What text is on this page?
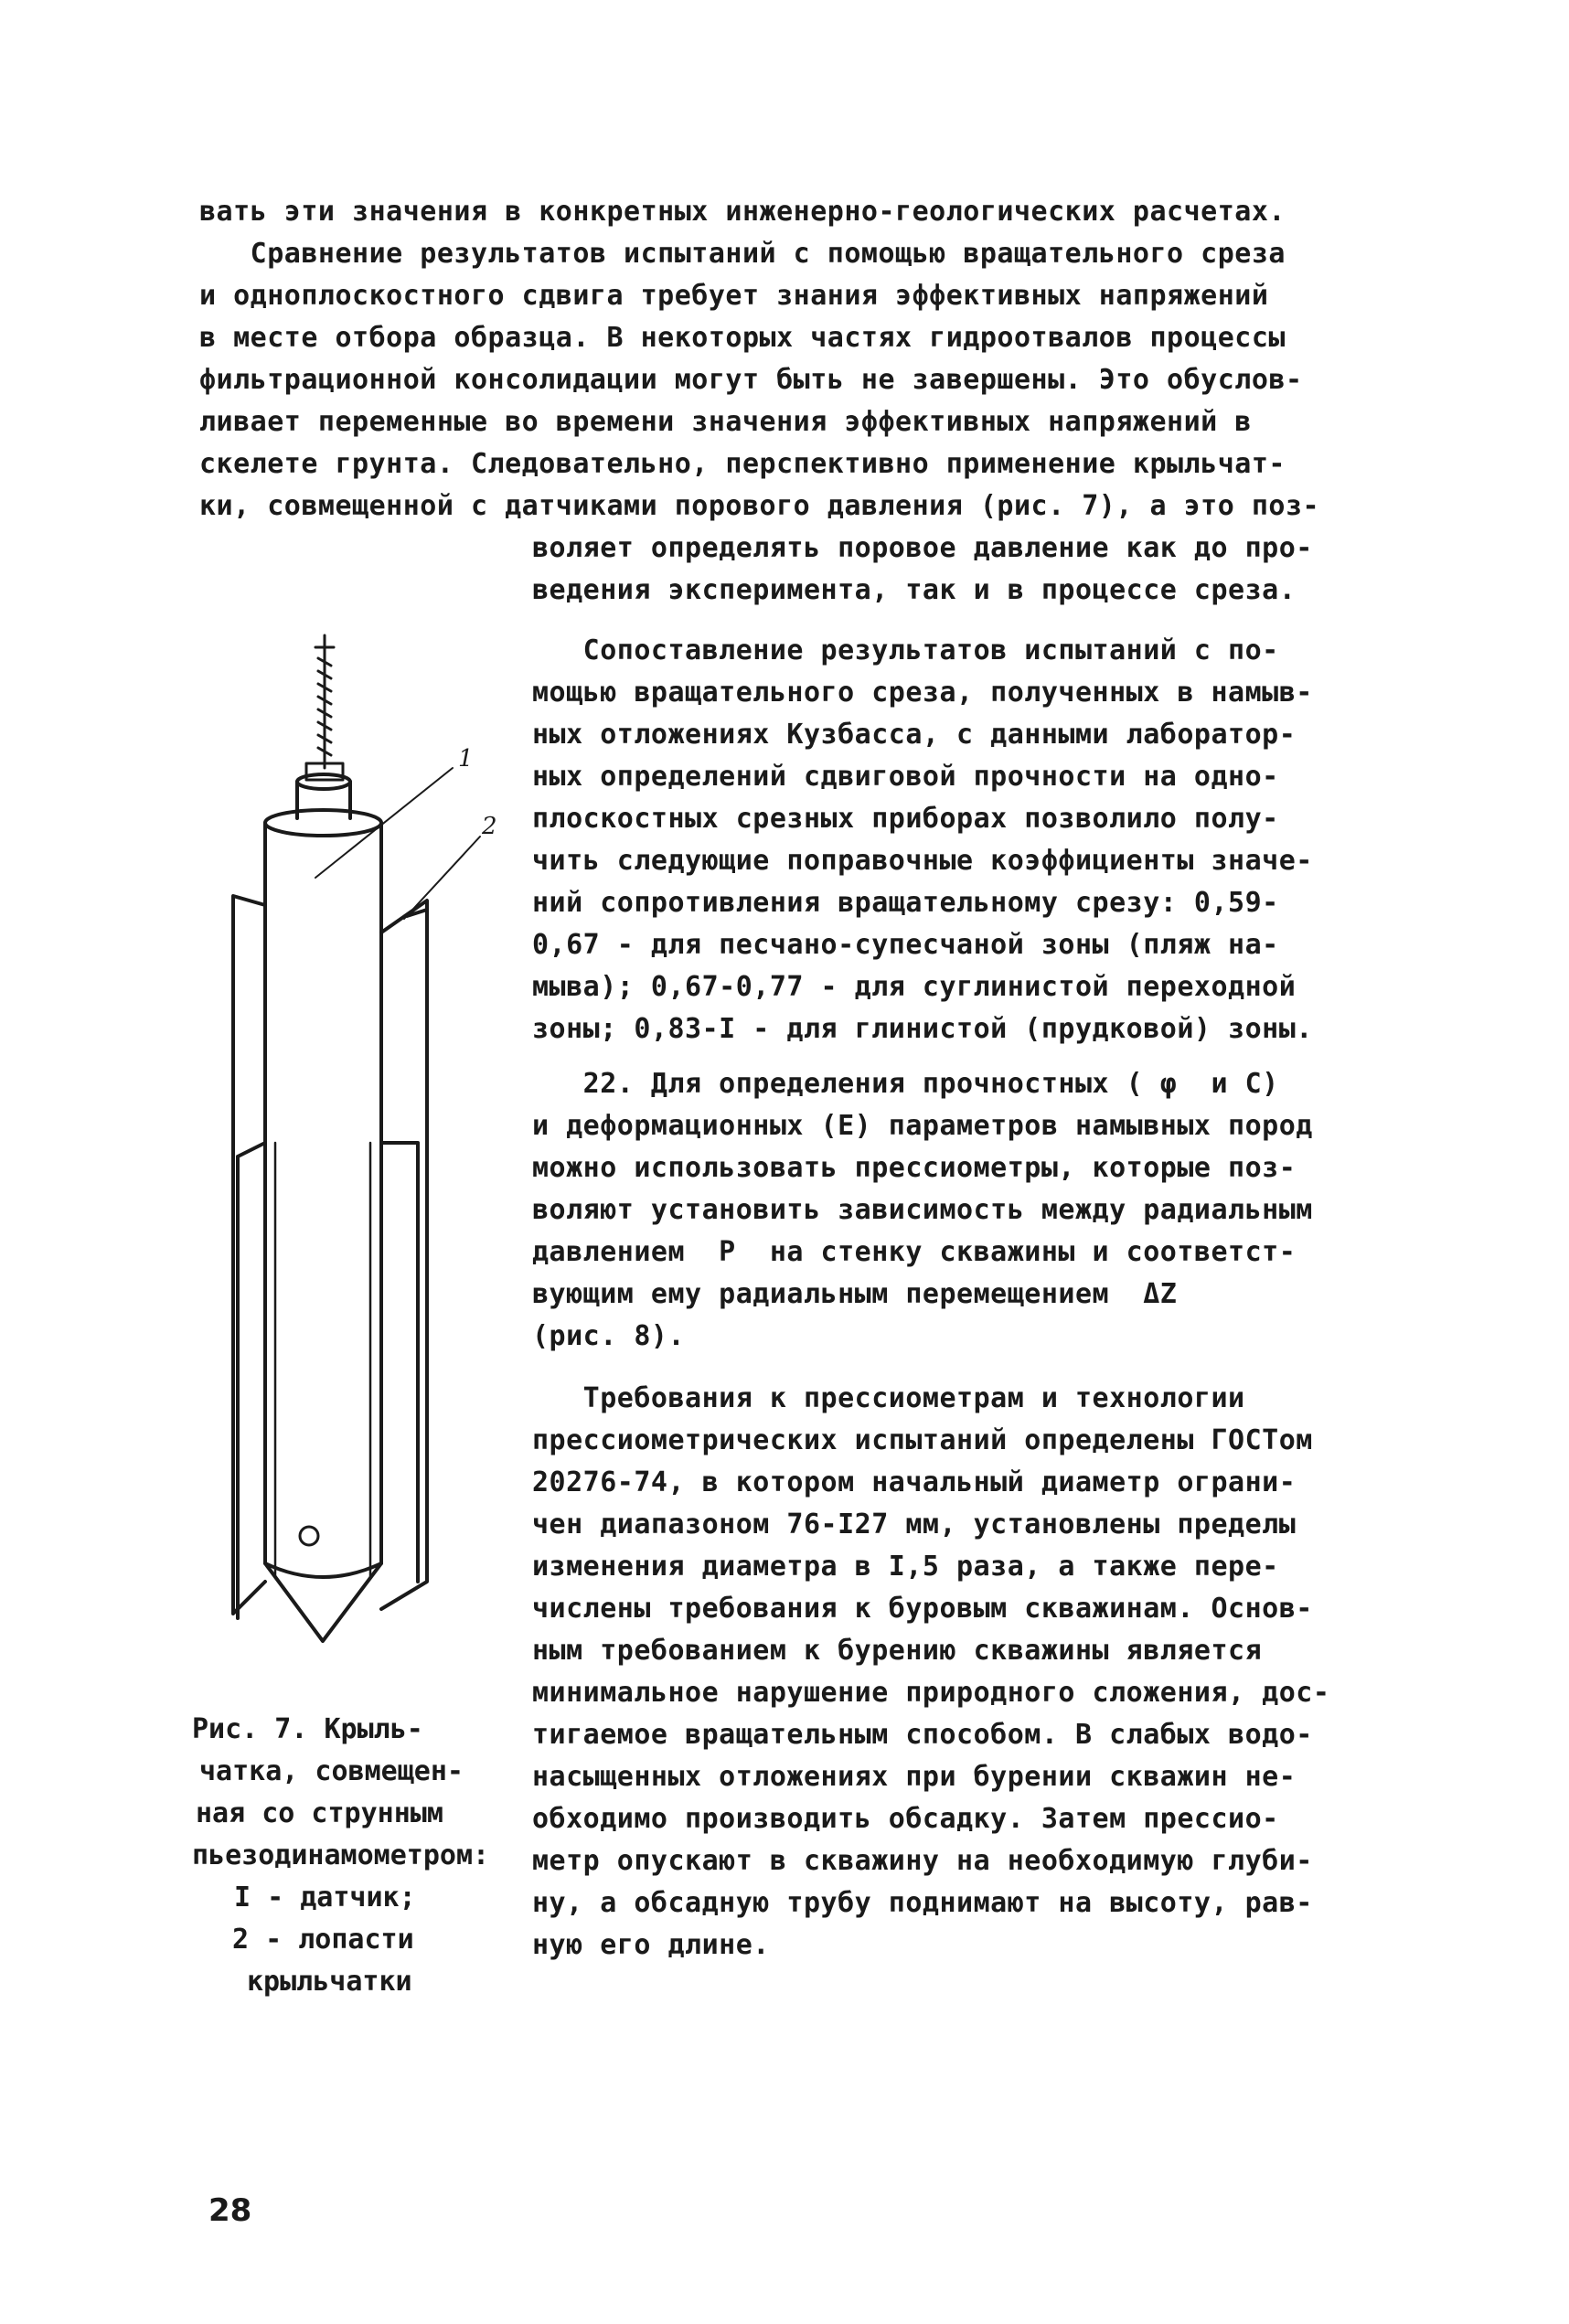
вать эти значения в конкретных инженерно-геологических расчетах.
Сравнение результатов испытаний с помощью вращательного среза
и одноплоскостного сдвига требует знания эффективных напряжений
в месте отбора образца. В некоторых частях гидроотвалов процессы
фильтрационной консолидации могут быть не завершены. Это обуслов-
ливает переменные во времени значения эффективных напряжений в
скелете грунта. Следовательно, перспективно применение крыльчат-
ки, совмещенной с датчиками порового давления (рис. 7), а это поз-
воляет определять поровое давление как до про-
ведения эксперимента, так и в процессе среза.
Сопоставление результатов испытаний с по-
мощью вращательного среза, полученных в намыв-
ных отложениях Кузбасса, с данными лаборатор-
ных определений сдвиговой прочности на одно-
плоскостных срезных приборах позволило полу-
чить следующие поправочные коэффициенты значе-
ний сопротивления вращательному срезу: 0,59-
0,67 - для песчано-супесчаной зоны (пляж на-
мыва); 0,67-0,77 - для суглинистой переходной
зоны; 0,83-I - для глинистой (прудковой) зоны.
22. Для определения прочностных ( φ  и C)
и деформационных (E) параметров намывных пород
можно использовать прессиометры, которые поз-
воляют установить зависимость между радиальным
давлением  P  на стенку скважины и соответст-
вующим ему радиальным перемещением  ΔZ
(рис. 8).
Требования к прессиометрам и технологии
прессиометрических испытаний определены ГОСТом
20276-74, в котором начальный диаметр ограни-
чен диапазоном 76-I27 мм, установлены пределы
изменения диаметра в I,5 раза, а также пере-
числены требования к буровым скважинам. Основ-
ным требованием к бурению скважины является
минимальное нарушение природного сложения, дос-
тигаемое вращательным способом. В слабых водо-
насыщенных отложениях при бурении скважин не-
обходимо производить обсадку. Затем прессио-
метр опускают в скважину на необходимую глуби-
ну, а обсадную трубу поднимают на высоту, рав-
ную его длине.
1
2
Рис. 7. Крыль-
чатка, совмещен-
ная со струнным
пьезодинамометром:
I - датчик;
2 - лопасти
крыльчатки
28
